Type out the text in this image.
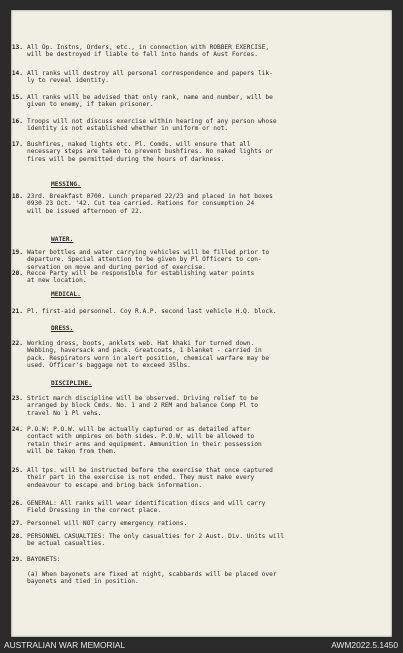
13. All Op. Instns, Orders, etc., in connection with ROBBER EXERCISE,
will be destroyed if liable to fall into hands of Aust Forces.
14. All ranks will destroy all personal correspondence and papers lik-
ly to reveal identity.
15. All ranks will be advised that only rank, name and number, will be
given to enemy, if taken prisoner.
16. Troops will not discuss exercise within hearing of any person whose
identity is not established whether in uniform or not.
17. Bushfires, naked lights etc. Pl. Comds. will ensure that all
necessary steps are taken to prevent bushfires. No naked lights or
fires will be permitted during the hours of darkness.
18. 23rd. Breakfast 0700. Lunch prepared 22/23 and placed in hot boxes
0930 23 Oct. '42. Cut tea carried. Rations for consumption 24
will be issued afternoon of 22.
19. Water bottles and water carrying vehicles will be filled prior to
departure. Special attention to be given by Pl Officers to con-
servation on move and during period of exercise.
20. Recce Party will be responsible for establishing water points
at new location.
21. Pl. first-aid personnel. Coy R.A.P. second last vehicle H.Q. block.
22. Working dress, boots, anklets web. Hat khaki fur turned down.
Webbing, haversack and pack. Greatcoats, 1 blanket - carried in
pack. Respirators worn in alert position, chemical warfare may be
used. Officer's baggage not to exceed 35lbs.
23. Strict march discipline will be observed. Driving relief to be
arranged by block Cmds. No. 1 and 2 REM and balance Comp Pl to
travel No 1 Pl vehs.
24. P.O.W: P.O.W. will be actually captured or as detailed after
contact with umpires on both sides. P.O.W. will be allowed to
retain their arms and equipment. Ammunition in their possession
will be taken from them.
25. All tps. will be instructed before the exercise that once captured
their part in the exercise is not ended. They must make every
endeavour to escape and bring back information.
26. GENERAL: All ranks will wear identification discs and will carry
Field Dressing in the correct place.
27. Personnel will NOT carry emergency rations.
28. PERSONNEL CASUALTIES: The only casualties for 2 Aust. Div. Units will
be actual casualties.
29. BAYONETS:
(a) When bayonets are fixed at night, scabbards will be placed over
bayonets and tied in position.
MESSING.
WATER.
MEDICAL.
DRESS.
DISCIPLINE.
AUSTRALIAN WAR MEMORIAL	AWM2022.5.1450
